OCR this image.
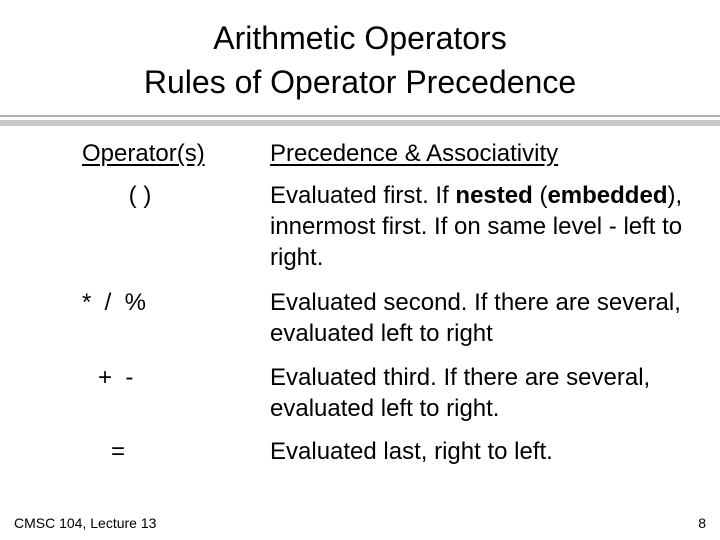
Arithmetic Operators
Rules of Operator Precedence
Operator(s)	Precedence & Associativity
( )	Evaluated first. If nested (embedded), innermost first. If on same level - left to right.
*  /  %	Evaluated second. If there are several, evaluated left to right
+  -	Evaluated third. If there are several, evaluated left to right.
=	Evaluated last, right to left.
CMSC 104, Lecture 13	8
